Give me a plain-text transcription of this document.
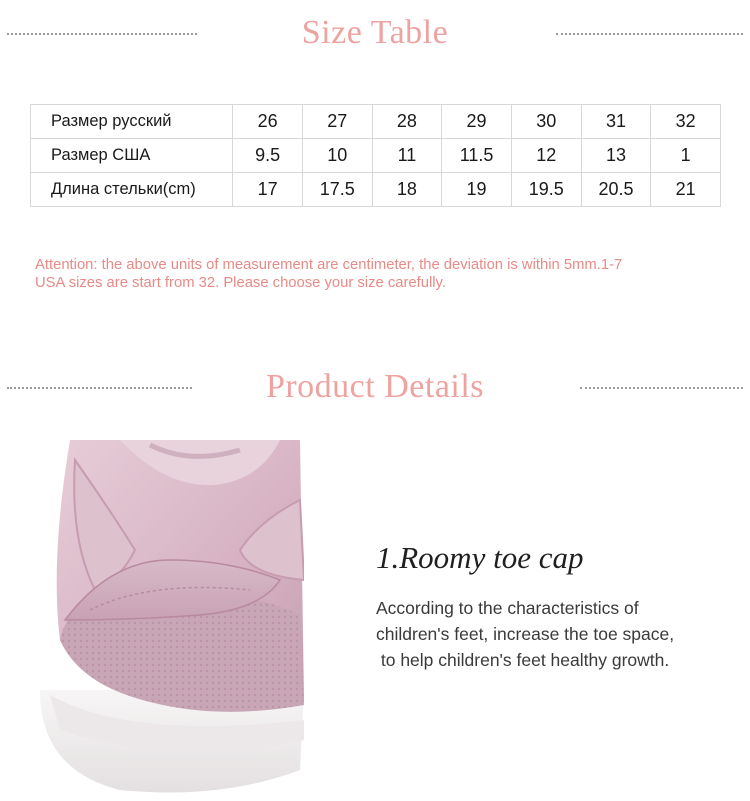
Size Table
Размер русский	26	27	28	29	30	31	32
Размер США	9.5	10	11	11.5	12	13	1
Длина стельки(cm)	17	17.5	18	19	19.5	20.5	21
Attention: the above units of measurement are centimeter, the deviation is within 5mm.1-7
USA sizes are start from 32. Please choose your size carefully.
Product Details
1.Roomy toe cap
According to the characteristics of
children's feet, increase the toe space,
to help children's feet healthy growth.
